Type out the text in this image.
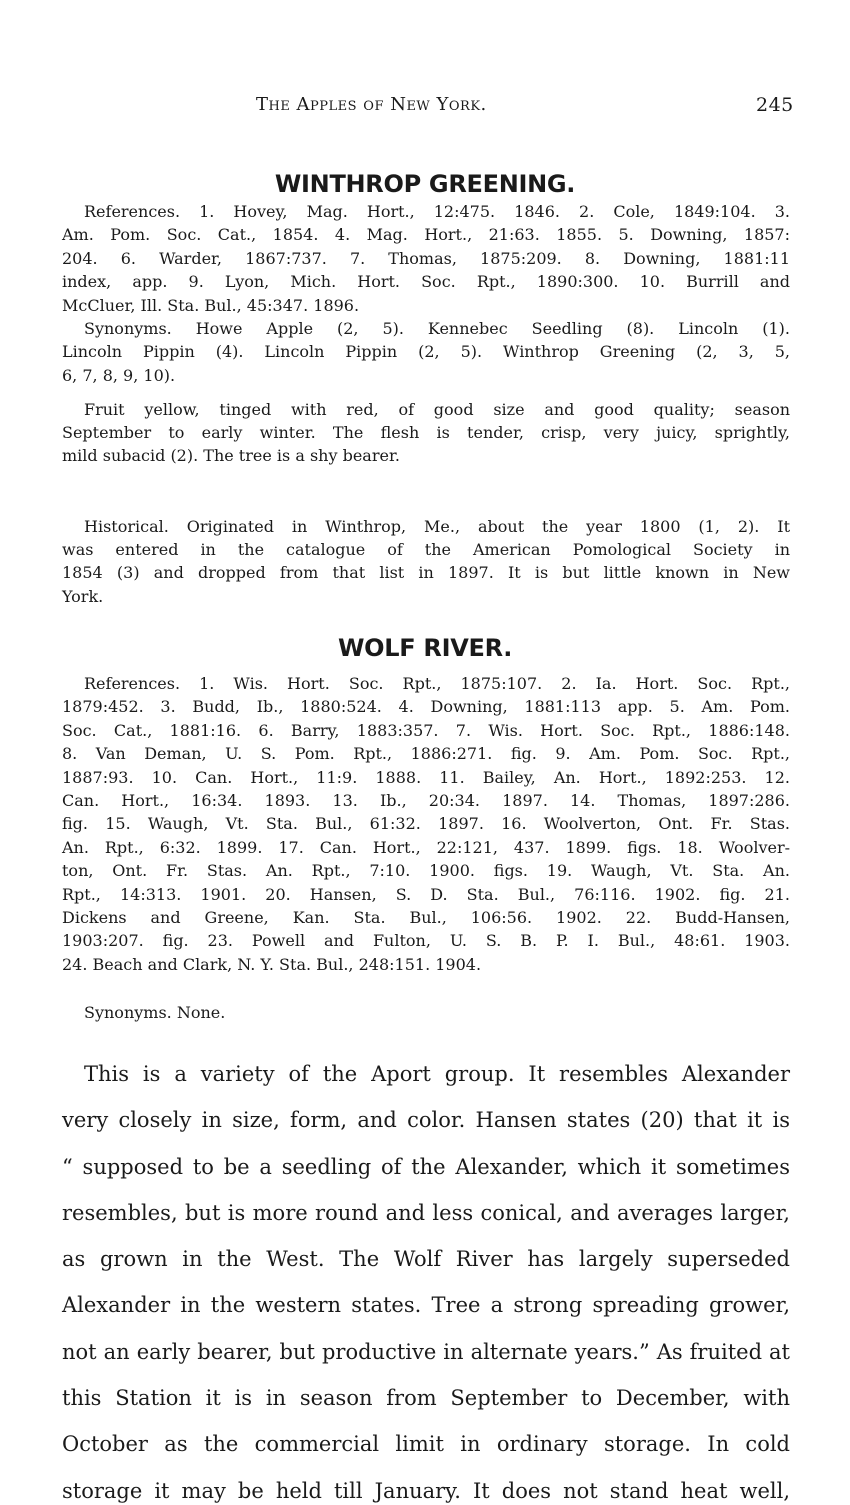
The Apples of New York.	245
WINTHROP GREENING.
References. 1. Hovey, Mag. Hort., 12:475. 1846. 2. Cole, 1849:104. 3.
Am. Pom. Soc. Cat., 1854. 4. Mag. Hort., 21:63. 1855. 5. Downing, 1857:
204. 6. Warder, 1867:737. 7. Thomas, 1875:209. 8. Downing, 1881:11
index, app. 9. Lyon, Mich. Hort. Soc. Rpt., 1890:300. 10. Burrill and
McCluer, Ill. Sta. Bul., 45:347. 1896.
Synonyms. Howe Apple (2, 5). Kennebec Seedling (8). Lincoln (1).
Lincoln Pippin (4). Lincoln Pippin (2, 5). Winthrop Greening (2, 3, 5,
6, 7, 8, 9, 10).
Fruit yellow, tinged with red, of good size and good quality; season
September to early winter. The flesh is tender, crisp, very juicy, sprightly,
mild subacid (2). The tree is a shy bearer.
Historical. Originated in Winthrop, Me., about the year 1800 (1, 2). It
was entered in the catalogue of the American Pomological Society in
1854 (3) and dropped from that list in 1897. It is but little known in New
York.
WOLF RIVER.
References. 1. Wis. Hort. Soc. Rpt., 1875:107. 2. Ia. Hort. Soc. Rpt.,
1879:452. 3. Budd, Ib., 1880:524. 4. Downing, 1881:113 app. 5. Am. Pom.
Soc. Cat., 1881:16. 6. Barry, 1883:357. 7. Wis. Hort. Soc. Rpt., 1886:148.
8. Van Deman, U. S. Pom. Rpt., 1886:271. fig. 9. Am. Pom. Soc. Rpt.,
1887:93. 10. Can. Hort., 11:9. 1888. 11. Bailey, An. Hort., 1892:253. 12.
Can. Hort., 16:34. 1893. 13. Ib., 20:34. 1897. 14. Thomas, 1897:286.
fig. 15. Waugh, Vt. Sta. Bul., 61:32. 1897. 16. Woolverton, Ont. Fr. Stas.
An. Rpt., 6:32. 1899. 17. Can. Hort., 22:121, 437. 1899. figs. 18. Woolver-
ton, Ont. Fr. Stas. An. Rpt., 7:10. 1900. figs. 19. Waugh, Vt. Sta. An.
Rpt., 14:313. 1901. 20. Hansen, S. D. Sta. Bul., 76:116. 1902. fig. 21.
Dickens and Greene, Kan. Sta. Bul., 106:56. 1902. 22. Budd-Hansen,
1903:207. fig. 23. Powell and Fulton, U. S. B. P. I. Bul., 48:61. 1903.
24. Beach and Clark, N. Y. Sta. Bul., 248:151. 1904.
Synonyms. None.
This is a variety of the Aport group. It resembles Alexander
very closely in size, form, and color. Hansen states (20) that it is
“ supposed to be a seedling of the Alexander, which it sometimes
resembles, but is more round and less conical, and averages larger,
as grown in the West. The Wolf River has largely superseded
Alexander in the western states. Tree a strong spreading grower,
not an early bearer, but productive in alternate years.” As fruited at
this Station it is in season from September to December, with
October as the commercial limit in ordinary storage. In cold
storage it may be held till January. It does not stand heat well,
